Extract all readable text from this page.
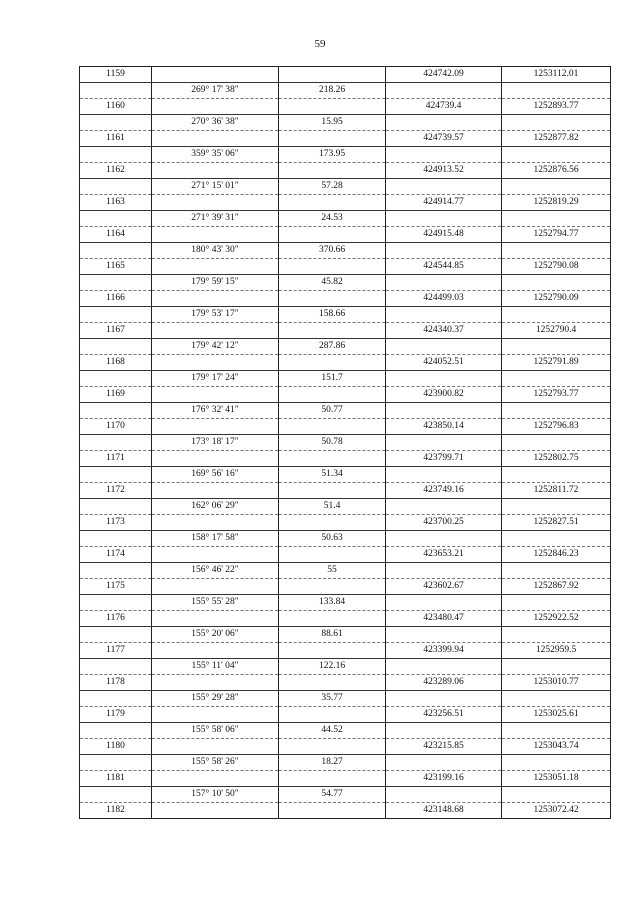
59
1159			424742.09	1253112.01
	269° 17' 38"	218.26		
1160			424739.4	1252893.77
	270° 36' 38"	15.95		
1161			424739.57	1252877.82
	359° 35' 06"	173.95		
1162			424913.52	1252876.56
	271° 15' 01"	57.28		
1163			424914.77	1252819.29
	271° 39' 31"	24.53		
1164			424915.48	1252794.77
	180° 43' 30"	370.66		
1165			424544.85	1252790.08
	179° 59' 15"	45.82		
1166			424499.03	1252790.09
	179° 53' 17"	158.66		
1167			424340.37	1252790.4
	179° 42' 12"	287.86		
1168			424052.51	1252791.89
	179° 17' 24"	151.7		
1169			423900.82	1252793.77
	176° 32' 41"	50.77		
1170			423850.14	1252796.83
	173° 18' 17"	50.78		
1171			423799.71	1252802.75
	169° 56' 16"	51.34		
1172			423749.16	1252811.72
	162° 06' 29"	51.4		
1173			423700.25	1252827.51
	158° 17' 58"	50.63		
1174			423653.21	1252846.23
	156° 46' 22"	55		
1175			423602.67	1252867.92
	155° 55' 28"	133.84		
1176			423480.47	1252922.52
	155° 20' 06"	88.61		
1177			423399.94	1252959.5
	155° 11' 04"	122.16		
1178			423289.06	1253010.77
	155° 29' 28"	35.77		
1179			423256.51	1253025.61
	155° 58' 06"	44.52		
1180			423215.85	1253043.74
	155° 58' 26"	18.27		
1181			423199.16	1253051.18
	157° 10' 50"	54.77		
1182			423148.68	1253072.42
